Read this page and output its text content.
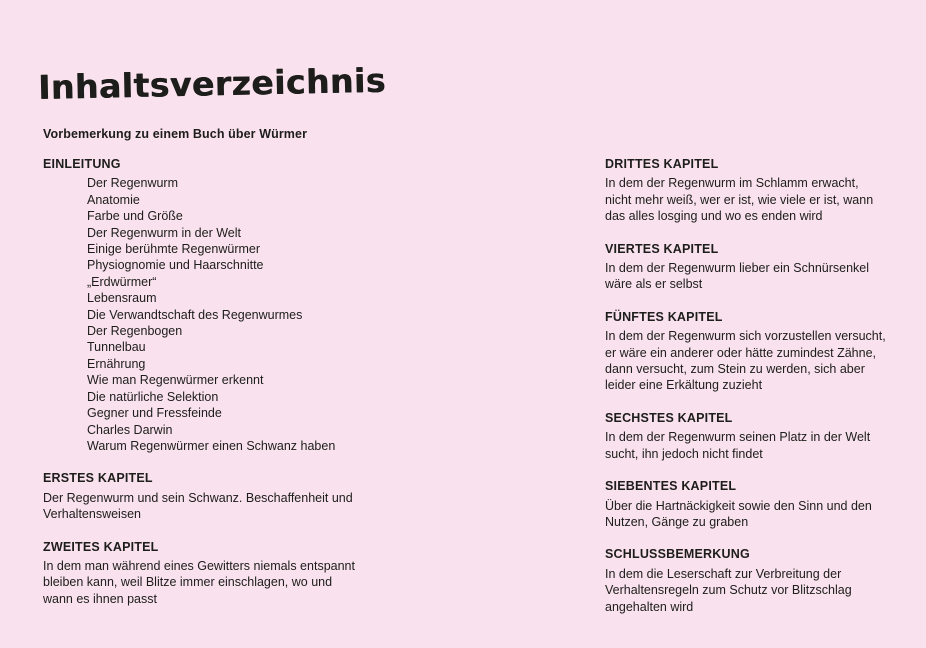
Inhaltsverzeichnis
Vorbemerkung zu einem Buch über Würmer
EINLEITUNG
Der Regenwurm
Anatomie
Farbe und Größe
Der Regenwurm in der Welt
Einige berühmte Regenwürmer
Physiognomie und Haarschnitte
„Erdwürmer“
Lebensraum
Die Verwandtschaft des Regenwurmes
Der Regenbogen
Tunnelbau
Ernährung
Wie man Regenwürmer erkennt
Die natürliche Selektion
Gegner und Fressfeinde
Charles Darwin
Warum Regenwürmer einen Schwanz haben
ERSTES KAPITEL
Der Regenwurm und sein Schwanz. Beschaffenheit und
Verhaltensweisen
ZWEITES KAPITEL
In dem man während eines Gewitters niemals entspannt
bleiben kann, weil Blitze immer einschlagen, wo und
wann es ihnen passt
DRITTES KAPITEL
In dem der Regenwurm im Schlamm erwacht,
nicht mehr weiß, wer er ist, wie viele er ist, wann
das alles losging und wo es enden wird
VIERTES KAPITEL
In dem der Regenwurm lieber ein Schnürsenkel
wäre als er selbst
FÜNFTES KAPITEL
In dem der Regenwurm sich vorzustellen versucht,
er wäre ein anderer oder hätte zumindest Zähne,
dann versucht, zum Stein zu werden, sich aber
leider eine Erkältung zuzieht
SECHSTES KAPITEL
In dem der Regenwurm seinen Platz in der Welt
sucht, ihn jedoch nicht findet
SIEBENTES KAPITEL
Über die Hartnäckigkeit sowie den Sinn und den
Nutzen, Gänge zu graben
SCHLUSSBEMERKUNG
In dem die Leserschaft zur Verbreitung der
Verhaltensregeln zum Schutz vor Blitzschlag
angehalten wird
